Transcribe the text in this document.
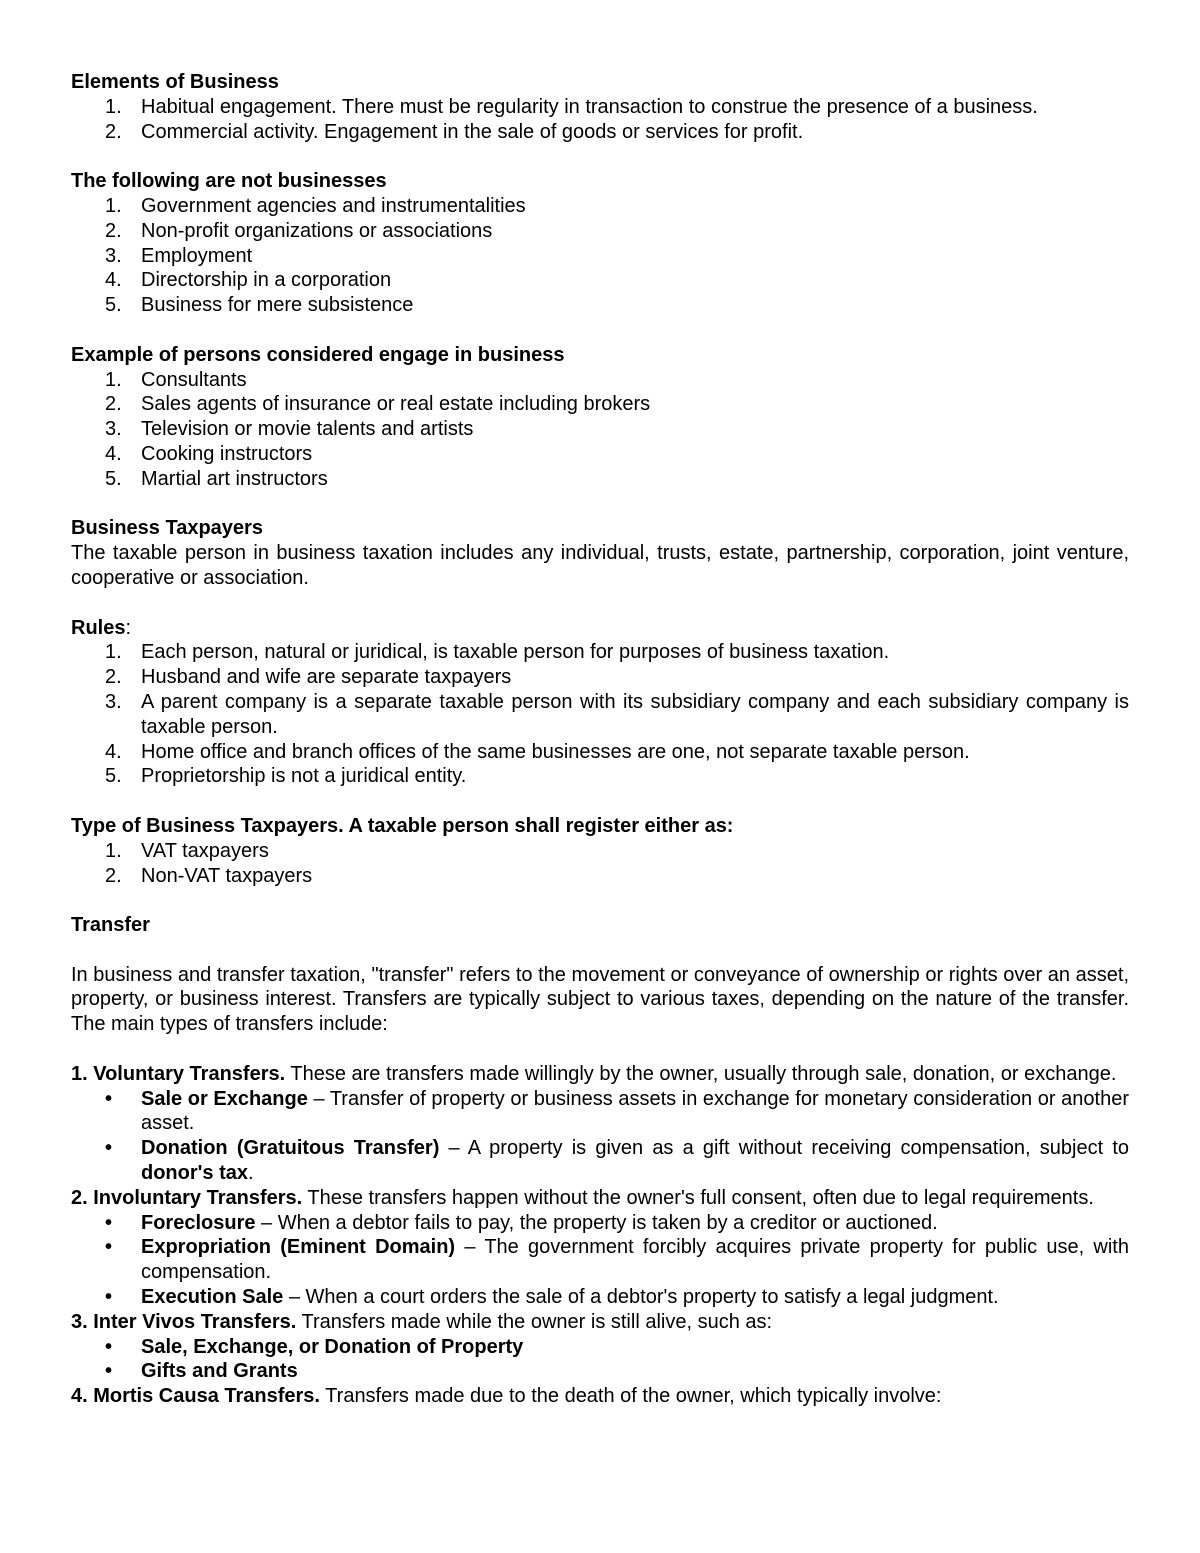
Elements of Business
1. Habitual engagement. There must be regularity in transaction to construe the presence of a business.
2. Commercial activity. Engagement in the sale of goods or services for profit.
The following are not businesses
1. Government agencies and instrumentalities
2. Non-profit organizations or associations
3. Employment
4. Directorship in a corporation
5. Business for mere subsistence
Example of persons considered engage in business
1. Consultants
2. Sales agents of insurance or real estate including brokers
3. Television or movie talents and artists
4. Cooking instructors
5. Martial art instructors
Business Taxpayers
The taxable person in business taxation includes any individual, trusts, estate, partnership, corporation, joint venture, cooperative or association.
Rules:
1. Each person, natural or juridical, is taxable person for purposes of business taxation.
2. Husband and wife are separate taxpayers
3. A parent company is a separate taxable person with its subsidiary company and each subsidiary company is taxable person.
4. Home office and branch offices of the same businesses are one, not separate taxable person.
5. Proprietorship is not a juridical entity.
Type of Business Taxpayers. A taxable person shall register either as:
1. VAT taxpayers
2. Non-VAT taxpayers
Transfer
In business and transfer taxation, "transfer" refers to the movement or conveyance of ownership or rights over an asset, property, or business interest. Transfers are typically subject to various taxes, depending on the nature of the transfer. The main types of transfers include:
1. Voluntary Transfers. These are transfers made willingly by the owner, usually through sale, donation, or exchange.
• Sale or Exchange – Transfer of property or business assets in exchange for monetary consideration or another asset.
• Donation (Gratuitous Transfer) – A property is given as a gift without receiving compensation, subject to donor's tax.
2. Involuntary Transfers. These transfers happen without the owner's full consent, often due to legal requirements.
• Foreclosure – When a debtor fails to pay, the property is taken by a creditor or auctioned.
• Expropriation (Eminent Domain) – The government forcibly acquires private property for public use, with compensation.
• Execution Sale – When a court orders the sale of a debtor's property to satisfy a legal judgment.
3. Inter Vivos Transfers. Transfers made while the owner is still alive, such as:
• Sale, Exchange, or Donation of Property
• Gifts and Grants
4. Mortis Causa Transfers. Transfers made due to the death of the owner, which typically involve:
